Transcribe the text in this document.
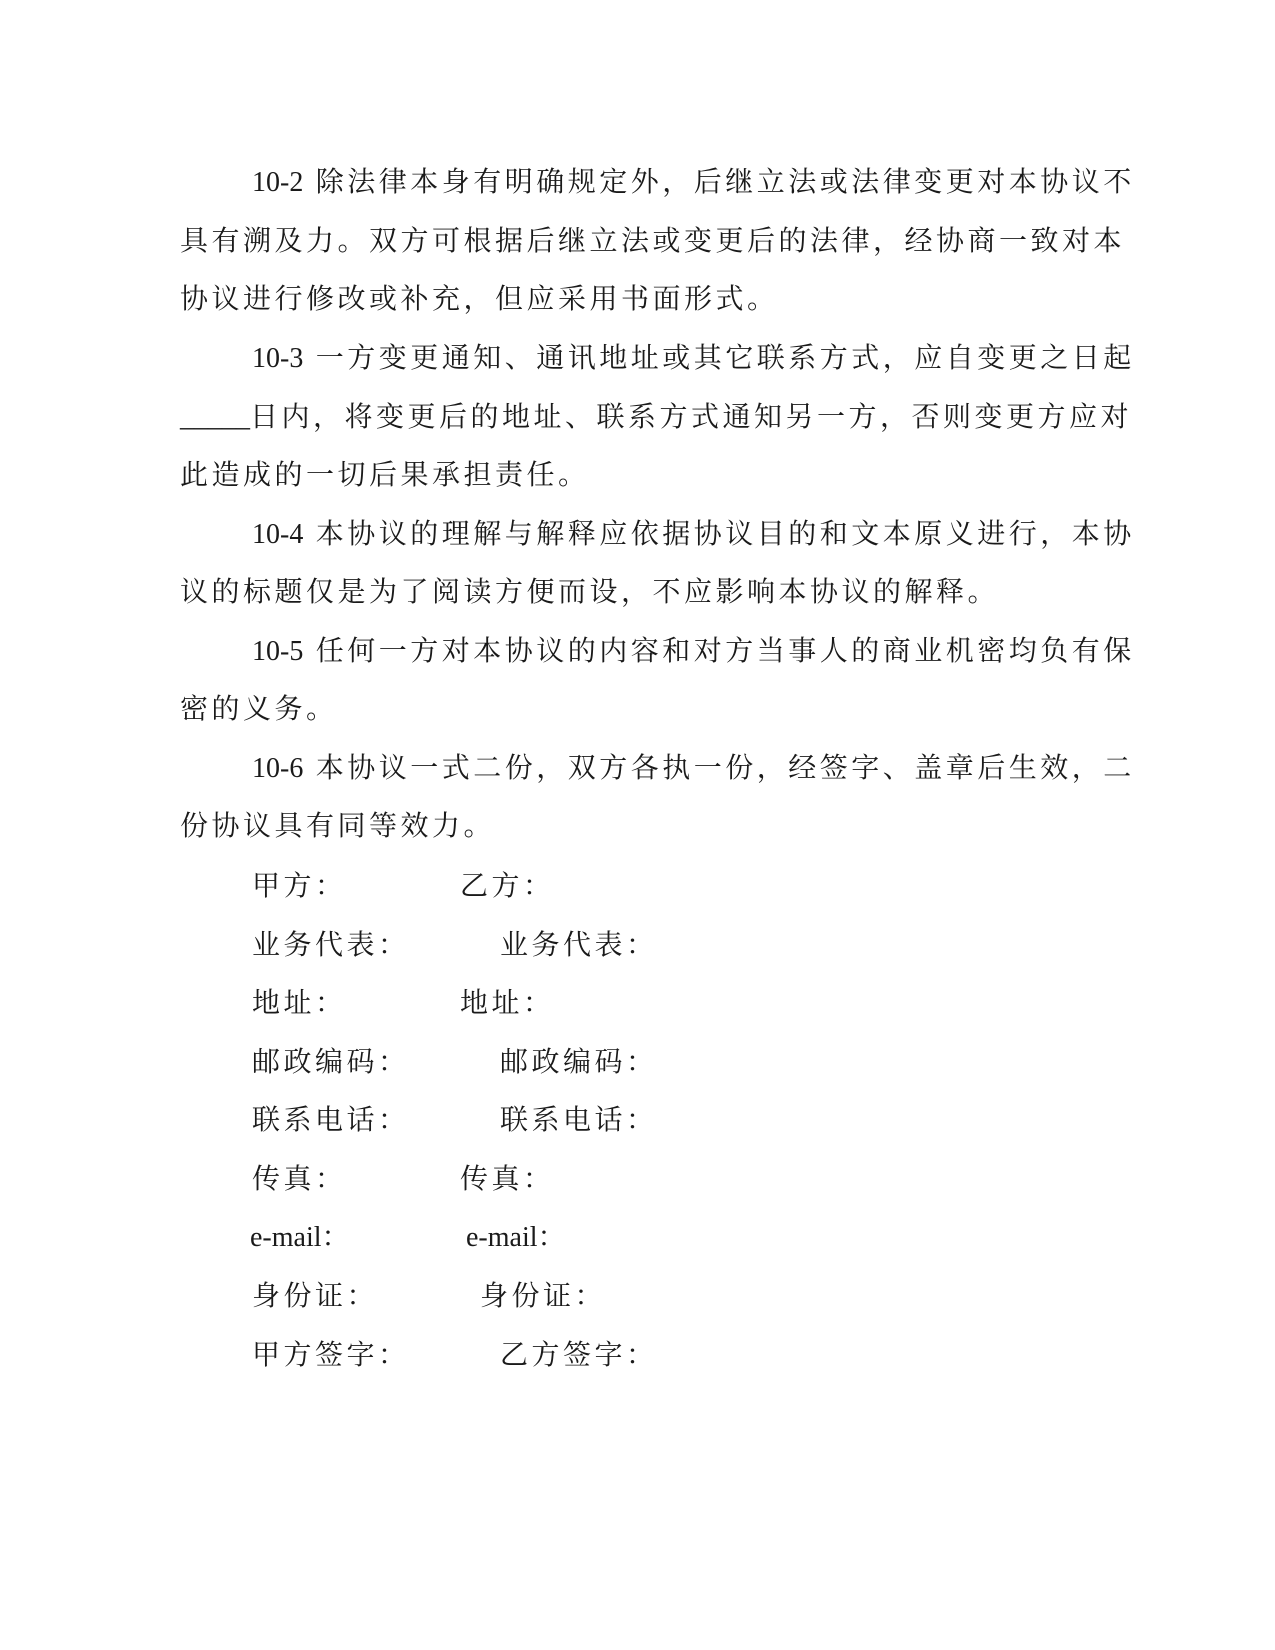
10-2 除法律本身有明确规定外，后继立法或法律变更对本协议不
具有溯及力。双方可根据后继立法或变更后的法律，经协商一致对本
协议进行修改或补充，但应采用书面形式。
10-3 一方变更通知、通讯地址或其它联系方式，应自变更之日起
_____日内，将变更后的地址、联系方式通知另一方，否则变更方应对
此造成的一切后果承担责任。
10-4 本协议的理解与解释应依据协议目的和文本原义进行，本协
议的标题仅是为了阅读方便而设，不应影响本协议的解释。
10-5 任何一方对本协议的内容和对方当事人的商业机密均负有保
密的义务。
10-6 本协议一式二份，双方各执一份，经签字、盖章后生效，二
份协议具有同等效力。
甲方：
业务代表：
地址：
邮政编码：
联系电话：
传真：
e-mail：
身份证：
甲方签字：
乙方：
业务代表：
地址：
邮政编码：
联系电话：
传真：
e-mail：
身份证：
乙方签字：
